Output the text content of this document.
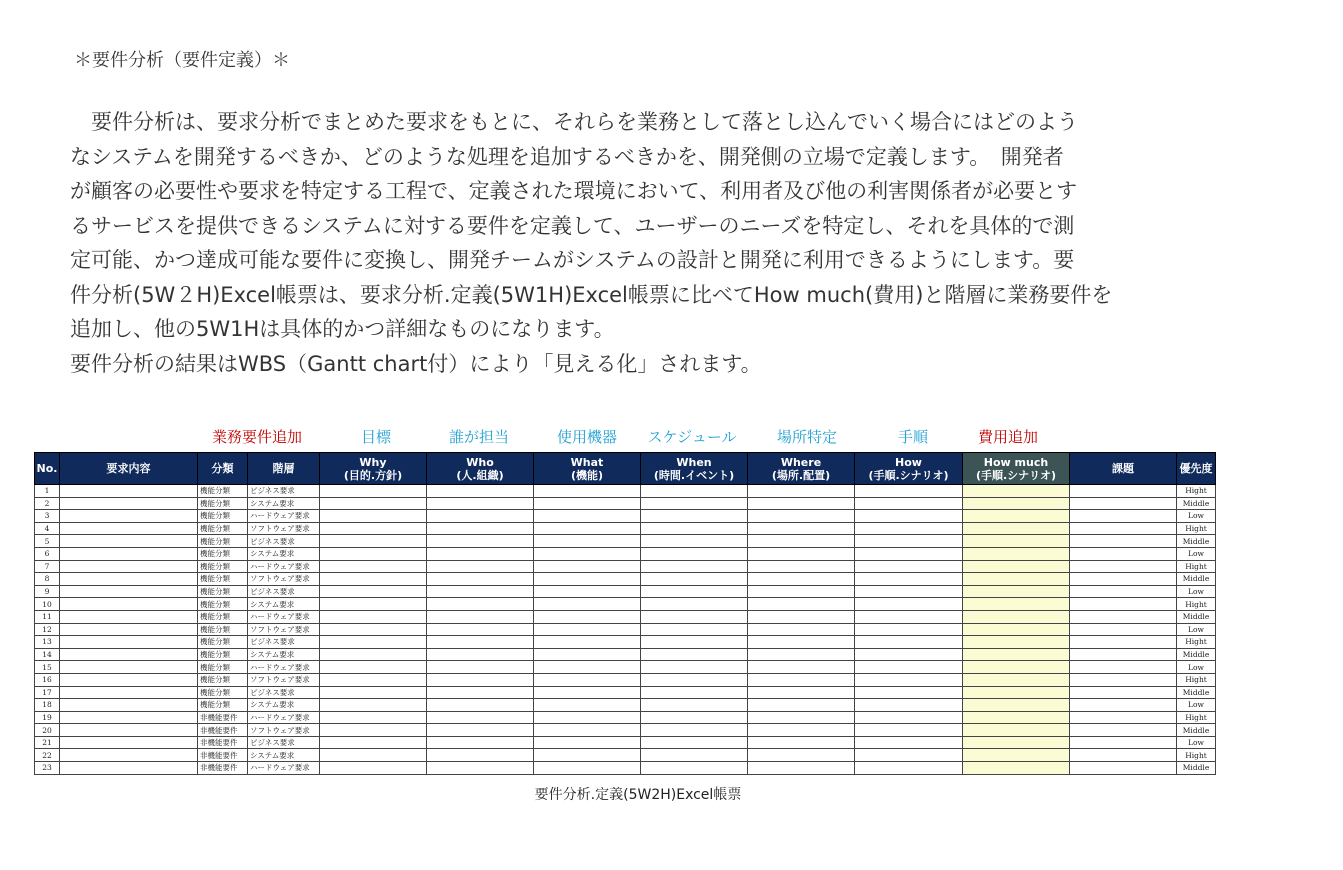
＊要件分析（要件定義）＊
　要件分析は、要求分析でまとめた要求をもとに、それらを業務として落とし込んでいく場合にはどのよう
なシステムを開発するべきか、どのような処理を追加するべきかを、開発側の立場で定義します。　開発者
が顧客の必要性や要求を特定する工程で、定義された環境において、利用者及び他の利害関係者が必要とす
るサービスを提供できるシステムに対する要件を定義して、ユーザーのニーズを特定し、それを具体的で測
定可能、かつ達成可能な要件に変換し、開発チームがシステムの設計と開発に利用できるようにします。要
件分析(5W２H)Excel帳票は、要求分析.定義(5W1H)Excel帳票に比べてHow much(費用)と階層に業務要件を
追加し、他の5W1Hは具体的かつ詳細なものになります。
要件分析の結果はWBS（Gantt chart付）により「見える化」されます。
業務要件追加	目標	誰が担当	使用機器 スケジュール	場所特定	手順	費用追加
No.	要求内容	分類	階層	Why
(目的.方針)	Who
(人.組織)	What
(機能)	When
(時間.イベント)	Where
(場所.配置)	How
(手順.シナリオ)	How much
(手順.シナリオ)	課題	優先度
1		機能分類	ビジネス要求									Hight
2		機能分類	システム要求									Middle
3		機能分類	ハードウェア要求									Low
4		機能分類	ソフトウェア要求									Hight
5		機能分類	ビジネス要求									Middle
6		機能分類	システム要求									Low
7		機能分類	ハードウェア要求									Hight
8		機能分類	ソフトウェア要求									Middle
9		機能分類	ビジネス要求									Low
10		機能分類	システム要求									Hight
11		機能分類	ハードウェア要求									Middle
12		機能分類	ソフトウェア要求									Low
13		機能分類	ビジネス要求									Hight
14		機能分類	システム要求									Middle
15		機能分類	ハードウェア要求									Low
16		機能分類	ソフトウェア要求									Hight
17		機能分類	ビジネス要求									Middle
18		機能分類	システム要求									Low
19		非機能要件	ハードウェア要求									Hight
20		非機能要件	ソフトウェア要求									Middle
21		非機能要件	ビジネス要求									Low
22		非機能要件	システム要求									Hight
23		非機能要件	ハードウェア要求									Middle
要件分析.定義(5W2H)Excel帳票
